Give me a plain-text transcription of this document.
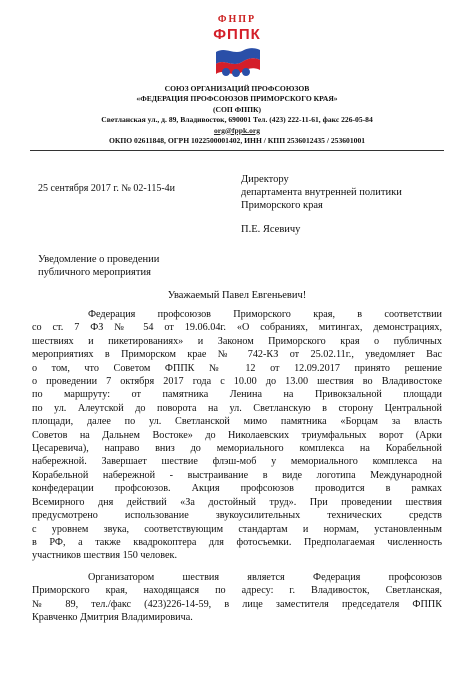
ФНПР
ФППК
СОЮЗ ОРГАНИЗАЦИЙ ПРОФСОЮЗОВ
«ФЕДЕРАЦИЯ ПРОФСОЮЗОВ ПРИМОРСКОГО КРАЯ»
(СОП ФППК)
Светланская ул., д. 89, Владивосток, 690001 Тел. (423) 222-11-61, факс 226-05-84
org@fppk.org
ОКПО 02611848, ОГРН 1022500001402, ИНН / КПП 2536012435 / 253601001
25 сентября 2017 г. № 02-115-4и
Директору
департамента внутренней политики
Приморского края
П.Е. Ясевичу
Уведомление о проведении
публичного мероприятия
Уважаемый Павел Евгеньевич!
Федерация профсоюзов Приморского края, в соответствии
со ст. 7 ФЗ № 54 от 19.06.04г. «О собраниях, митингах, демонстрациях,
шествиях и пикетированиях» и Законом Приморского края о публичных
мероприятиях в Приморском крае № 742-КЗ от 25.02.11г., уведомляет Вас
о том, что Советом ФППК № 12 от 12.09.2017 принято решение
о проведении 7 октября 2017 года с 10.00 до 13.00 шествия во Владивостоке
по маршруту: от памятника Ленина на Привокзальной площади
по ул. Алеутской до поворота на ул. Светланскую в сторону Центральной
площади, далее по ул. Светланской мимо памятника «Борцам за власть
Советов на Дальнем Востоке» до Николаевских триумфальных ворот (Арки
Цесаревича), направо вниз до мемориального комплекса на Корабельной
набережной. Завершает шествие флэш-моб у мемориального комплекса на
Корабельной набережной - выстраивание в виде логотипа Международной
конфедерации профсоюзов. Акция профсоюзов проводится в рамках
Всемирного дня действий «За достойный труд». При проведении шествия
предусмотрено использование звукоусилительных технических средств
с уровнем звука, соответствующим стандартам и нормам, установленным
в РФ, а также квадрокоптера для фотосъемки. Предполагаемая численность
участников шествия 150 человек.
Организатором шествия является Федерация профсоюзов
Приморского края, находящаяся по адресу: г. Владивосток, Светланская,
№ 89, тел./факс (423)226-14-59, в лице заместителя председателя ФППК
Кравченко Дмитрия Владимировича.
